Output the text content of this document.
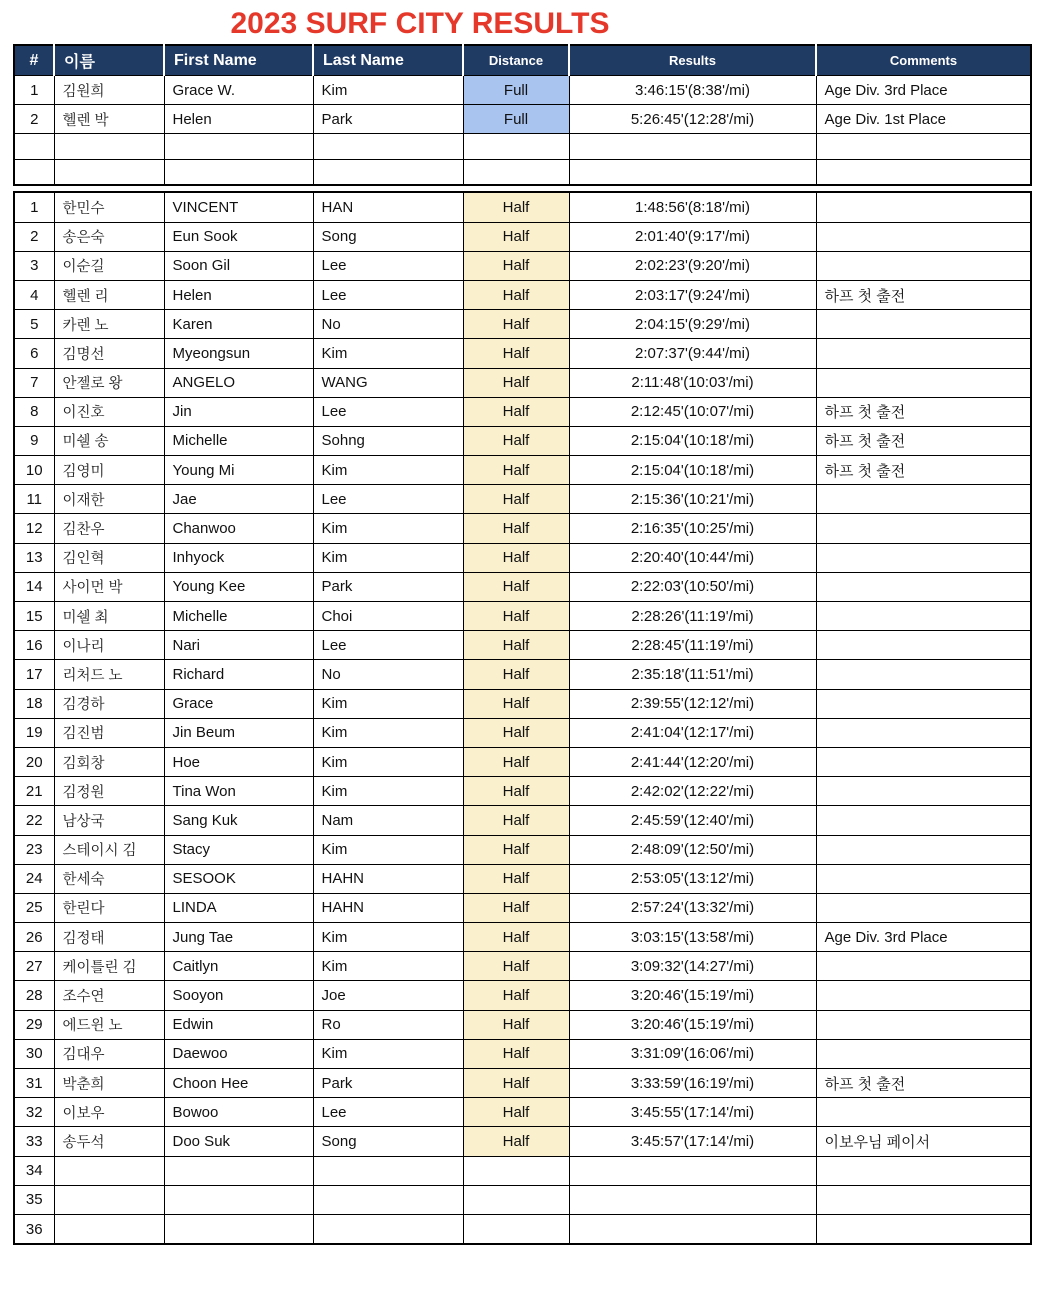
2023 SURF CITY RESULTS
#	이름	First Name	Last Name	Distance	Results	Comments
1	김원희	Grace W.	Kim	Full	3:46:15'(8:38'/mi)	Age Div. 3rd Place
2	헬렌 박	Helen	Park	Full	5:26:45'(12:28'/mi)	Age Div. 1st Place

1	한민수	VINCENT	HAN	Half	1:48:56'(8:18'/mi)	
2	송은숙	Eun Sook	Song	Half	2:01:40'(9:17'/mi)	
3	이순길	Soon Gil	Lee	Half	2:02:23'(9:20'/mi)	
4	헬렌 리	Helen	Lee	Half	2:03:17'(9:24'/mi)	하프 첫 출전
5	카렌 노	Karen	No	Half	2:04:15'(9:29'/mi)	
6	김명선	Myeongsun	Kim	Half	2:07:37'(9:44'/mi)	
7	안젤로 왕	ANGELO	WANG	Half	2:11:48'(10:03'/mi)	
8	이진호	Jin	Lee	Half	2:12:45'(10:07'/mi)	하프 첫 출전
9	미쉘 송	Michelle	Sohng	Half	2:15:04'(10:18'/mi)	하프 첫 출전
10	김영미	Young Mi	Kim	Half	2:15:04'(10:18'/mi)	하프 첫 출전
11	이재한	Jae	Lee	Half	2:15:36'(10:21'/mi)	
12	김찬우	Chanwoo	Kim	Half	2:16:35'(10:25'/mi)	
13	김인혁	Inhyock	Kim	Half	2:20:40'(10:44'/mi)	
14	사이먼 박	Young Kee	Park	Half	2:22:03'(10:50'/mi)	
15	미쉘 최	Michelle	Choi	Half	2:28:26'(11:19'/mi)	
16	이나리	Nari	Lee	Half	2:28:45'(11:19'/mi)	
17	리처드 노	Richard	No	Half	2:35:18'(11:51'/mi)	
18	김경하	Grace	Kim	Half	2:39:55'(12:12'/mi)	
19	김진범	Jin Beum	Kim	Half	2:41:04'(12:17'/mi)	
20	김회창	Hoe	Kim	Half	2:41:44'(12:20'/mi)	
21	김정원	Tina Won	Kim	Half	2:42:02'(12:22'/mi)	
22	남상국	Sang Kuk	Nam	Half	2:45:59'(12:40'/mi)	
23	스테이시 김	Stacy	Kim	Half	2:48:09'(12:50'/mi)	
24	한세숙	SESOOK	HAHN	Half	2:53:05'(13:12'/mi)	
25	한린다	LINDA	HAHN	Half	2:57:24'(13:32'/mi)	
26	김정태	Jung Tae	Kim	Half	3:03:15'(13:58'/mi)	Age Div. 3rd Place
27	케이틀린 김	Caitlyn	Kim	Half	3:09:32'(14:27'/mi)	
28	조수연	Sooyon	Joe	Half	3:20:46'(15:19'/mi)	
29	에드윈 노	Edwin	Ro	Half	3:20:46'(15:19'/mi)	
30	김대우	Daewoo	Kim	Half	3:31:09'(16:06'/mi)	
31	박춘희	Choon Hee	Park	Half	3:33:59'(16:19'/mi)	하프 첫 출전
32	이보우	Bowoo	Lee	Half	3:45:55'(17:14'/mi)	
33	송두석	Doo Suk	Song	Half	3:45:57'(17:14'/mi)	이보우님 페이서
34						
35						
36						
